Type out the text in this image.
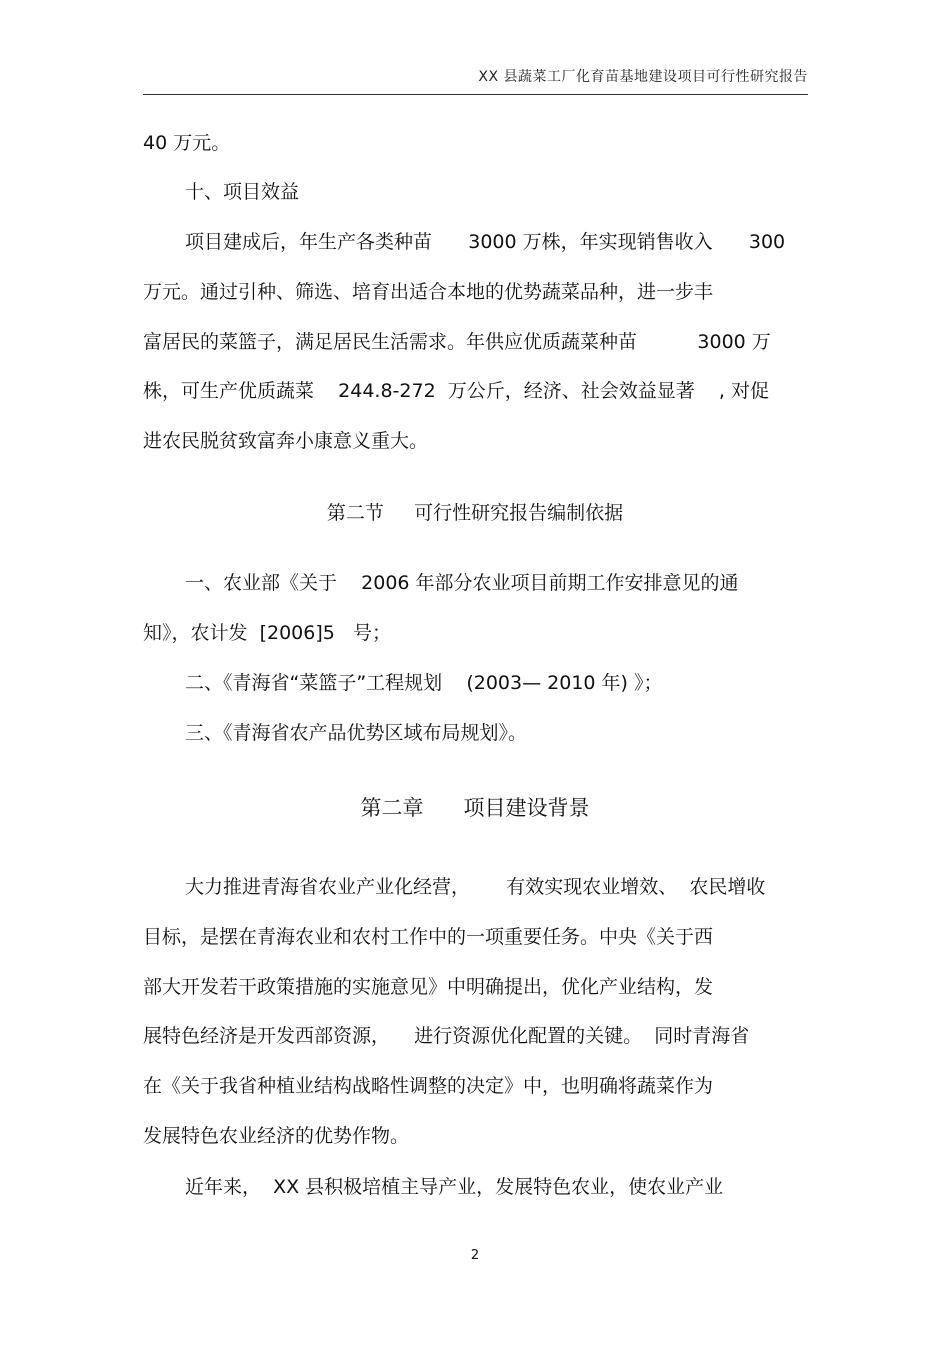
XX 县蔬菜工厂化育苗基地建设项目可行性研究报告
40 万元。
十、项目效益
项目建成后，年生产各类种苗      3000 万株，年实现销售收入      300
万元。通过引种、筛选、培育出适合本地的优势蔬菜品种，进一步丰
富居民的菜篮子，满足居民生活需求。年供应优质蔬菜种苗          3000 万
株，可生产优质蔬菜    244.8-272  万公斤，经济、社会效益显著    , 对促
进农民脱贫致富奔小康意义重大。
第二节     可行性研究报告编制依据
一、农业部《关于    2006 年部分农业项目前期工作安排意见的通
知》，农计发  [2006]5   号；
二、《青海省“菜篮子”工程规划    (2003— 2010 年) 》；
三、《青海省农产品优势区域布局规划》。
第二章      项目建设背景
大力推进青海省农业产业化经营，      有效实现农业增效、  农民增收
目标，是摆在青海农业和农村工作中的一项重要任务。中央《关于西
部大开发若干政策措施的实施意见》中明确提出，优化产业结构，发
展特色经济是开发西部资源，    进行资源优化配置的关键。  同时青海省
在《关于我省种植业结构战略性调整的决定》中，也明确将蔬菜作为
发展特色农业经济的优势作物。
近年来，  XX 县积极培植主导产业，发展特色农业，使农业产业
2
